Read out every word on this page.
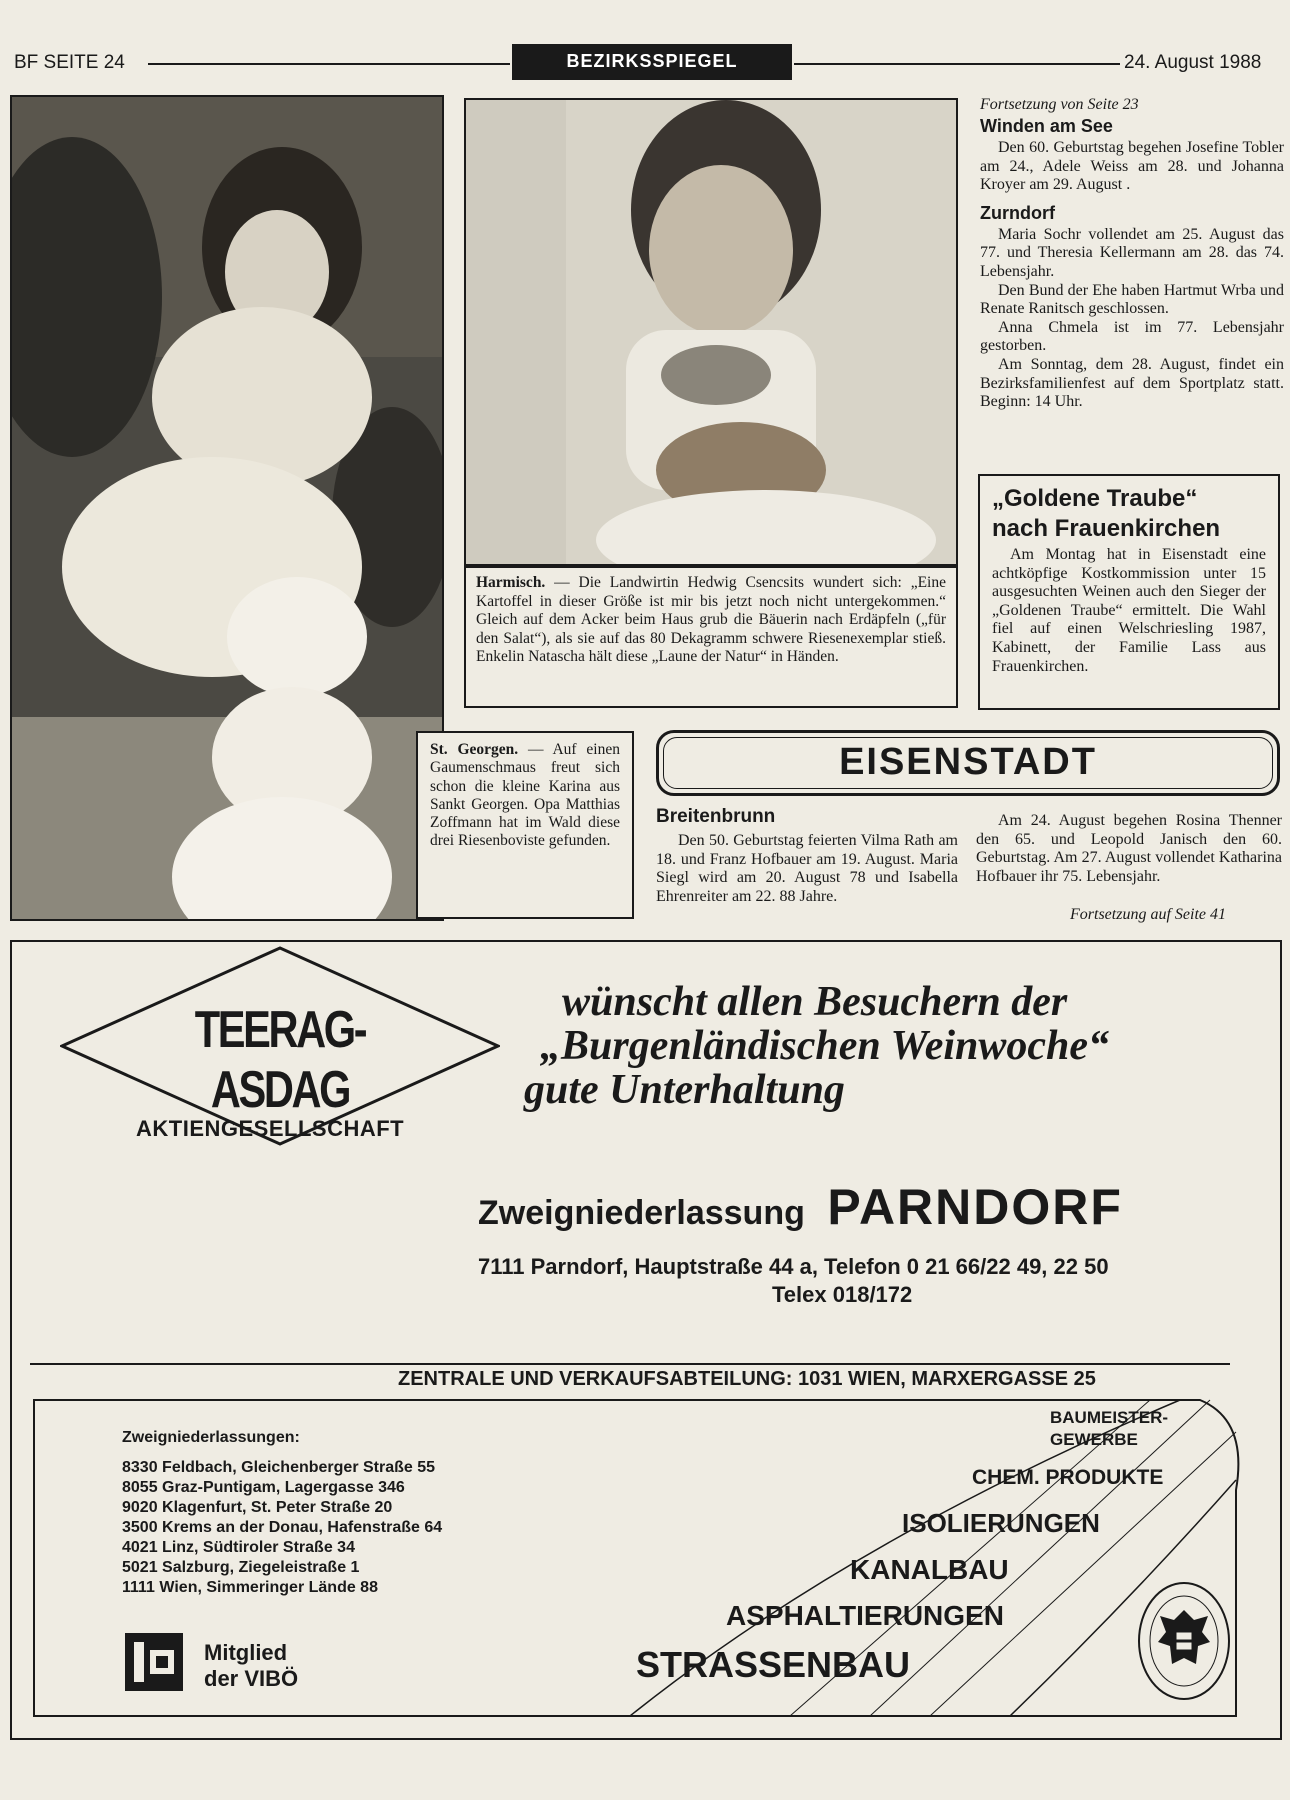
BF SEITE 24	BEZIRKSSPIEGEL	24. August 1988
Harmisch. — Die Landwirtin Hedwig Csencsits wundert sich: „Eine Kartoffel in dieser Größe ist mir bis jetzt noch nicht untergekommen.“ Gleich auf dem Acker beim Haus grub die Bäuerin nach Erdäpfeln („für den Salat“), als sie auf das 80 Dekagramm schwere Riesenexemplar stieß. Enkelin Natascha hält diese „Laune der Natur“ in Händen.
St. Georgen. — Auf einen Gaumenschmaus freut sich schon die kleine Karina aus Sankt Georgen. Opa Matthias Zoffmann hat im Wald diese drei Riesenboviste gefunden.
Fortsetzung von Seite 23
Winden am See

Den 60. Geburtstag begehen Josefine Tobler am 24., Adele Weiss am 28. und Johanna Kroyer am 29. August .

Zurndorf

Maria Sochr vollendet am 25. August das 77. und Theresia Kellermann am 28. das 74. Lebensjahr.

Den Bund der Ehe haben Hartmut Wrba und Renate Ranitsch geschlossen.

Anna Chmela ist im 77. Lebensjahr gestorben.

Am Sonntag, dem 28. August, findet ein Bezirksfamilienfest auf dem Sportplatz statt. Beginn: 14 Uhr.

„Goldene Traube“
nach Frauenkirchen
Am Montag hat in Eisenstadt eine achtköpfige Kostkommission unter 15 ausgesuchten Weinen auch den Sieger der „Goldenen Traube“ ermittelt. Die Wahl fiel auf einen Welschriesling 1987, Kabinett, der Familie Lass aus Frauenkirchen.
EISENSTADT
Breitenbrunn
Den 50. Geburtstag feierten Vilma Rath am 18. und Franz Hofbauer am 19. August. Maria Siegl wird am 20. August 78 und Isabella Ehrenreiter am 22. 88 Jahre.
Am 24. August begehen Rosina Thenner den 65. und Leopold Janisch den 60. Geburtstag. Am 27. August vollendet Katharina Hofbauer ihr 75. Lebensjahr.
Fortsetzung auf Seite 41
TEERAG-ASDAG
AKTIENGESELLSCHAFT
wünscht allen Besuchern der
„Burgenländischen Weinwoche“
gute Unterhaltung
Zweigniederlassung PARNDORF
7111 Parndorf, Hauptstraße 44 a, Telefon 0 21 66/22 49, 22 50
Telex 018/172
ZENTRALE UND VERKAUFSABTEILUNG: 1031 WIEN, MARXERGASSE 25
Zweigniederlassungen:
8330 Feldbach, Gleichenberger Straße 55
8055 Graz-Puntigam, Lagergasse 346
9020 Klagenfurt, St. Peter Straße 20
3500 Krems an der Donau, Hafenstraße 64
4021 Linz, Südtiroler Straße 34
5021 Salzburg, Ziegeleistraße 1
1111 Wien, Simmeringer Lände 88
Mitglied
der VIBÖ
BAUMEISTER-
GEWERBE
CHEM. PRODUKTE
ISOLIERUNGEN
KANALBAU
ASPHALTIERUNGEN
STRASSENBAU
